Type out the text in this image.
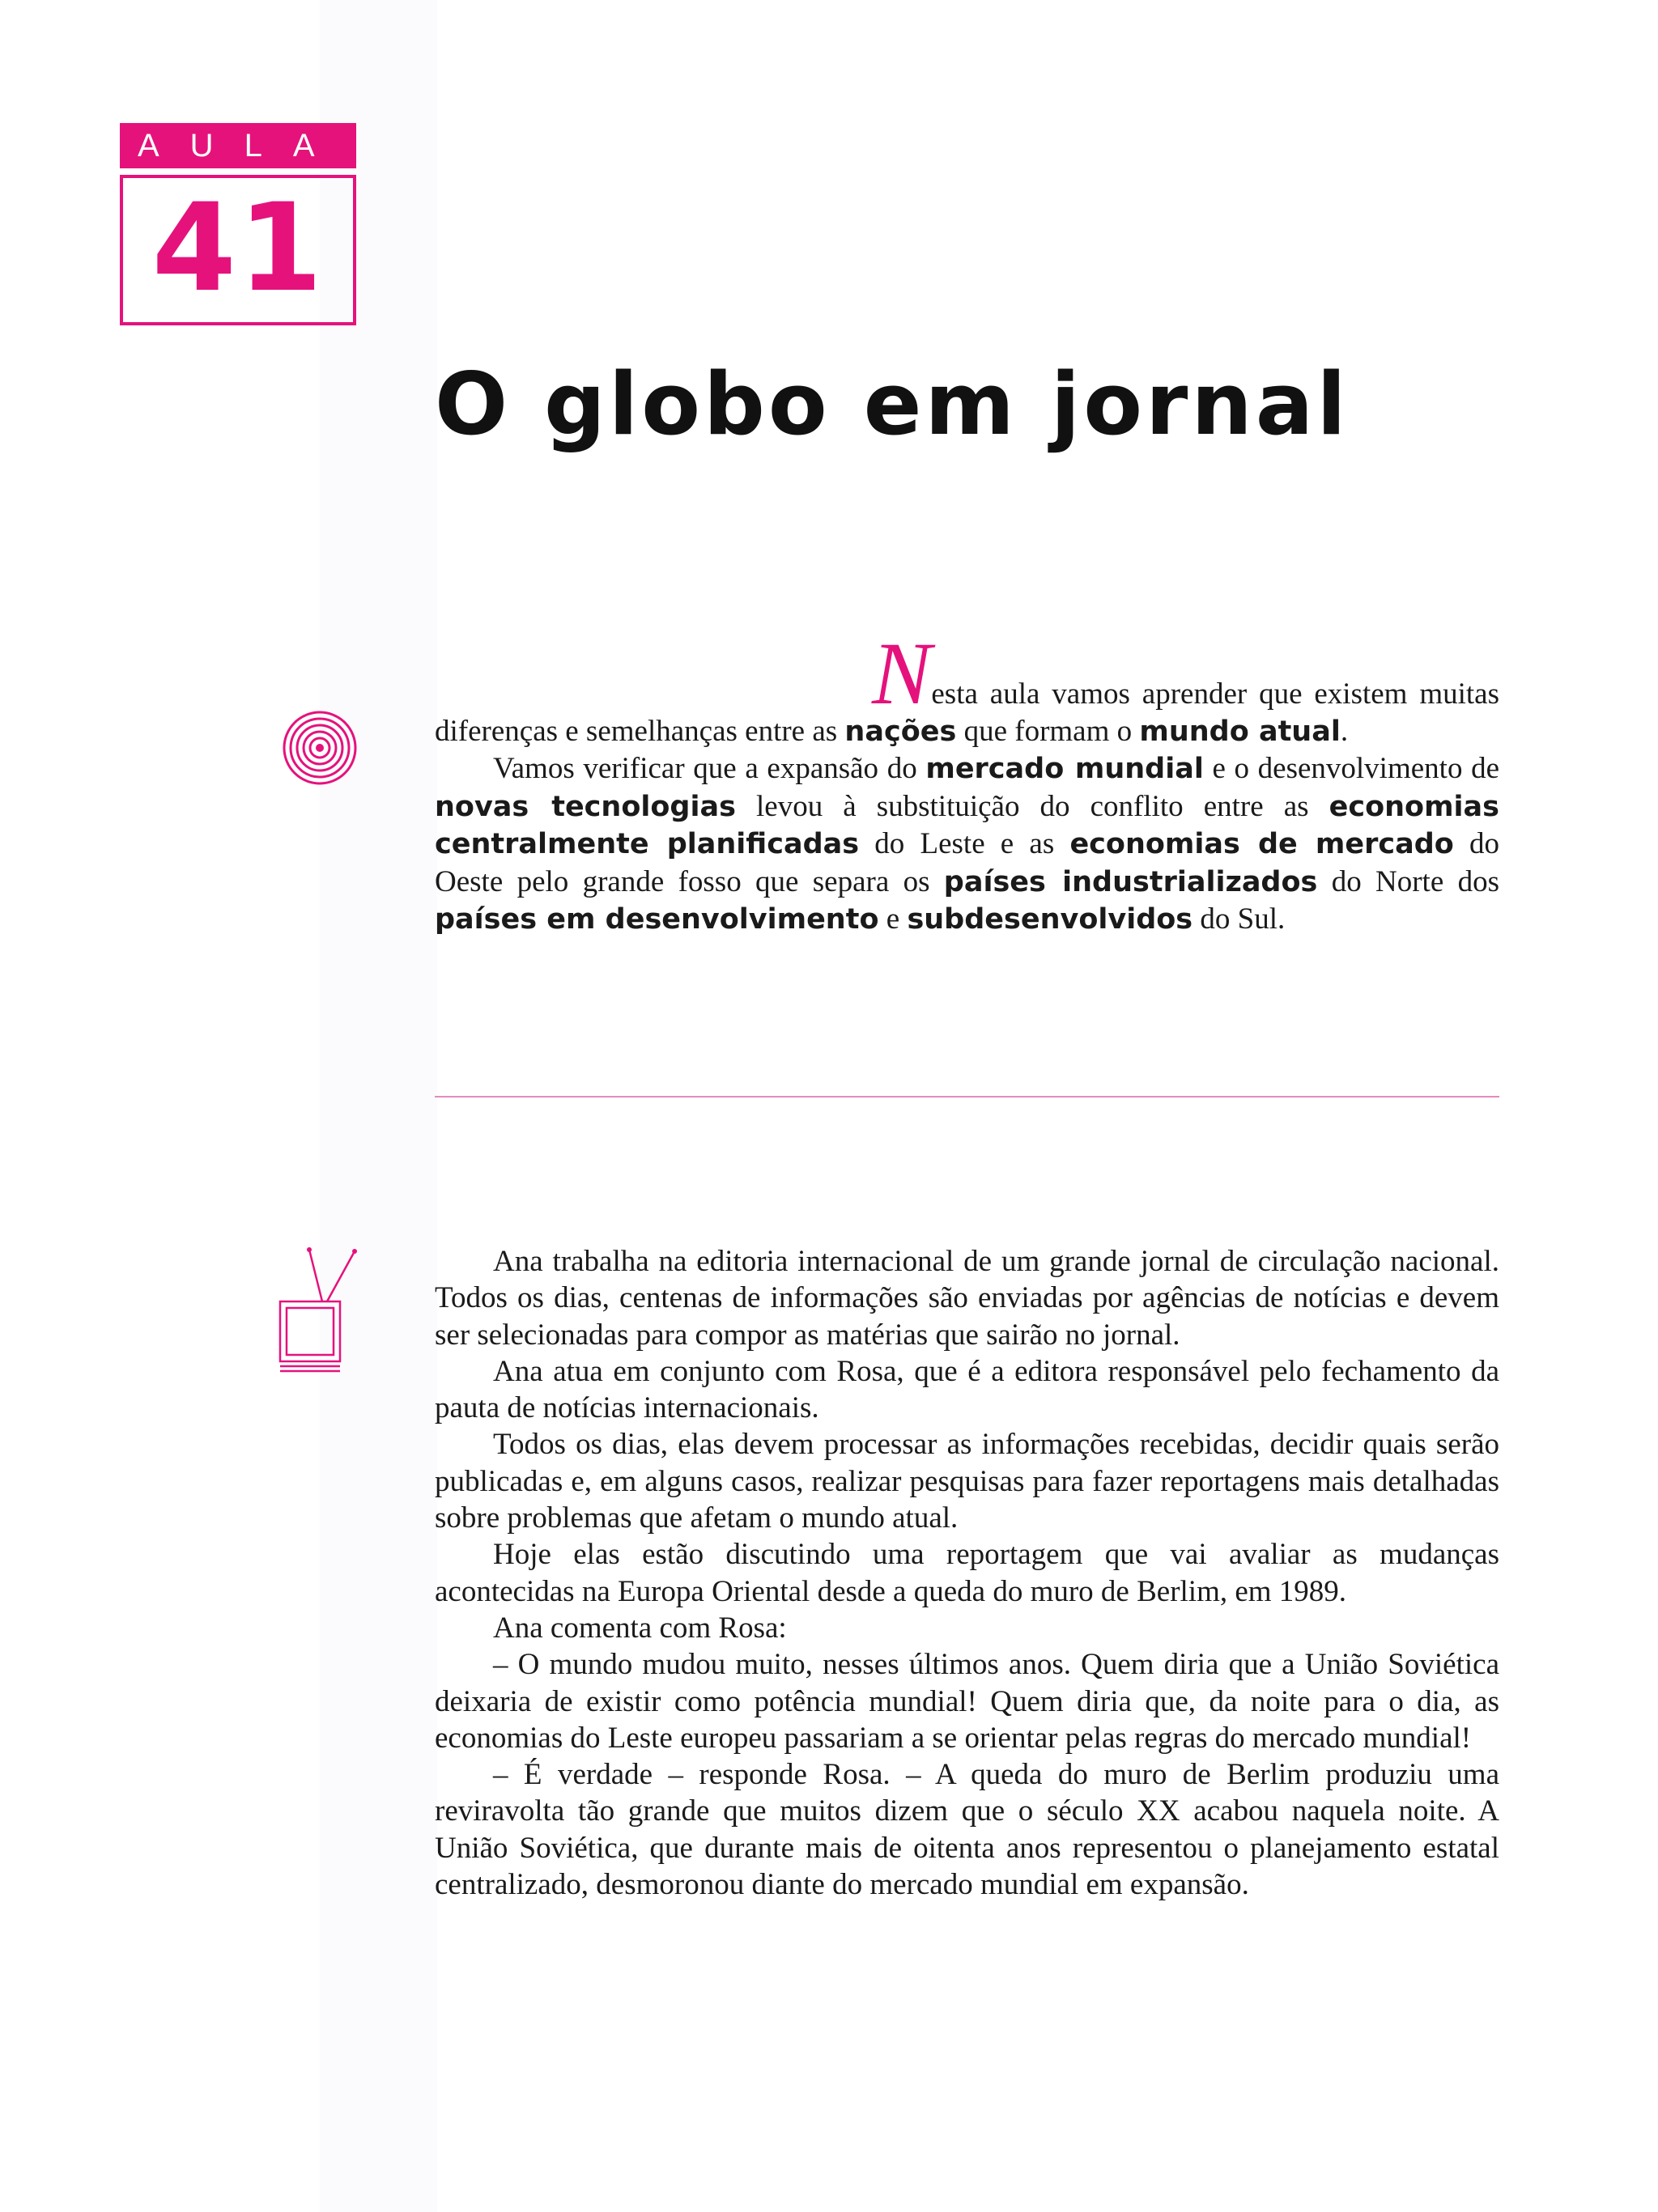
AULA
41
O globo em jornal

Nesta aula vamos aprender que existem muitas diferenças e semelhanças entre as nações que formam o mundo atual.

Vamos verificar que a expansão do mercado mundial e o desenvolvimento de novas tecnologias levou à substituição do conflito entre as economias centralmente planificadas do Leste e as economias de mercado do Oeste pelo grande fosso que separa os países industrializados do Norte dos países em desenvolvimento e subdesenvolvidos do Sul.

Ana trabalha na editoria internacional de um grande jornal de circulação nacional. Todos os dias, centenas de informações são enviadas por agências de notícias e devem ser selecionadas para compor as matérias que sairão no jornal.

Ana atua em conjunto com Rosa, que é a editora responsável pelo fechamento da pauta de notícias internacionais.

Todos os dias, elas devem processar as informações recebidas, decidir quais serão publicadas e, em alguns casos, realizar pesquisas para fazer reportagens mais detalhadas sobre problemas que afetam o mundo atual.

Hoje elas estão discutindo uma reportagem que vai avaliar as mudanças acontecidas na Europa Oriental desde a queda do muro de Berlim, em 1989.

Ana comenta com Rosa:

– O mundo mudou muito, nesses últimos anos. Quem diria que a União Soviética deixaria de existir como potência mundial! Quem diria que, da noite para o dia, as economias do Leste europeu passariam a se orientar pelas regras do mercado mundial!

– É verdade – responde Rosa. – A queda do muro de Berlim produziu uma reviravolta tão grande que muitos dizem que o século XX acabou naquela noite. A União Soviética, que durante mais de oitenta anos representou o planejamento estatal centralizado, desmoronou diante do mercado mundial em expansão.
